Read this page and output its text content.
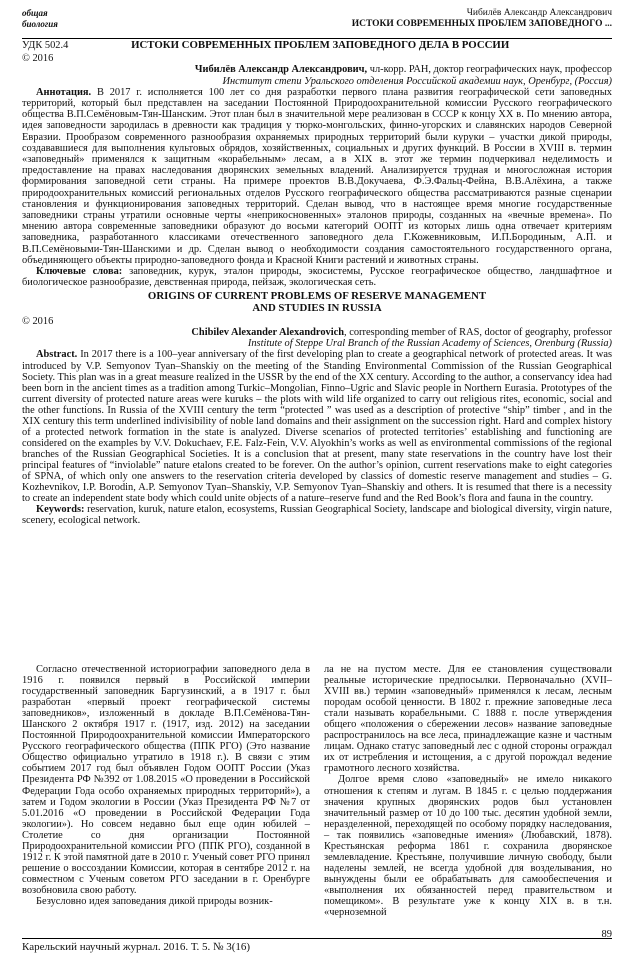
общая
биология
Чибилёв Александр Александрович
ИСТОКИ СОВРЕМЕННЫХ ПРОБЛЕМ ЗАПОВЕДНОГО ...
УДК 502.4	ИСТОКИ СОВРЕМЕННЫХ ПРОБЛЕМ ЗАПОВЕДНОГО ДЕЛА В РОССИИ
© 2016
Чибилёв Александр Александрович, чл-корр. РАН, доктор географических наук, профессор
Институт степи Уральского отделения Российской академии наук, Оренбург, (Россия)

Аннотация. В 2017 г. исполняется 100 лет со дня разработки первого плана развития географической сети заповедных территорий, который был представлен на заседании Постоянной Природоохранительной комиссии Русского географического общества В.П.Семёновым-Тян-Шанским. Этот план был в значительной мере реализован в СССР к концу XX в. По мнению автора, идея заповедности зародилась в древности как традиция у тюрко-монгольских, финно-угорских и славянских народов Северной Евразии. Прообразом современного разнообразия охраняемых природных территорий были куруки – участки дикой природы, создававшиеся для выполнения культовых обрядов, хозяйственных, социальных и других функций. В России в XVIII в. термин «заповедный» применялся к защитным «корабельным» лесам, а в XIX в. этот же термин подчеркивал неделимость и предоставление на правах наследования дворянских земельных владений. Анализируется трудная и многосложная история формирования заповедной сети страны. На примере проектов В.В.Докучаева, Ф.Э.Фальц-Фейна, В.В.Алёхина, а также природоохранительных комиссий региональных отделов Русского географического общества рассматриваются разные сценарии становления и функционирования заповедных территорий. Сделан вывод, что в настоящее время многие государственные заповедники страны утратили основные черты «неприкосновенных» эталонов природы, созданных на «вечные времена». По мнению автора современные заповедники образуют до восьми категорий ООПТ из которых лишь одна отвечает критериям заповедника, разработанного классиками отечественного заповедного дела Г.Кожевниковым, И.П.Бородиным, А.П. и В.П.Семёновыми-Тян-Шанскими и др. Сделан вывод о необходимости создания самостоятельного государственного органа, объединяющего объекты природно-заповедного фонда и Красной Книги растений и животных страны.

Ключевые слова: заповедник, курук, эталон природы, экосистемы, Русское географическое общество, ландшафтное и биологическое разнообразие, девственная природа, пейзаж, экологическая сеть.

ORIGINS OF CURRENT PROBLEMS OF RESERVE MANAGEMENT
AND STUDIES IN RUSSIA
© 2016
Chibilev Alexander Alexandrovich, corresponding member of RAS, doctor of geography, professor
Institute of Steppe Ural Branch of the Russian Academy of Sciences, Orenburg (Russia)

Abstract. In 2017 there is a 100–year anniversary of the first developing plan to create a geographical network of protected areas. It was introduced by V.P. Semyonov Tyan–Shanskiy on the meeting of the Standing Environmental Commission of the Russian Geographical Society. This plan was in a great measure realized in the USSR by the end of the XX century. According to the author, a conservancy idea had been born in the ancient times as a tradition among Turkic–Mongolian, Finno–Ugric and Slavic people in Northern Eurasia. Prototypes of the current diversity of protected nature areas were kuruks – the plots with wild life organized to carry out religious rites, economic, social and the other functions. In Russia of the XVIII century the term “protected ” was used as a description of protective “ship” timber , and in the XIX century this term underlined indivisibility of noble land domains and their assignment on the succession right. Hard and complex history of a protected network formation in the state is analyzed. Diverse scenarios of protected territories’ establishing and functioning are considered on the examples by V.V. Dokuchaev, F.E. Falz-Fein, V.V. Alyokhin’s works as well as environmental commissions of the regional branches of the Russian Geographical Societies. It is a conclusion that at present, many state reservations in the country have lost their principal features of “inviolable” nature etalons created to be forever. On the author’s opinion, current reservations make to eight categories of SPNA, of which only one answers to the reservation criteria developed by classics of domestic reserve management and studies – G. Kozhevnikov, I.P. Borodin, A.P. Semyonov Tyan–Shanskiy, V.P. Semyonov Tyan–Shanskiy and others. It is resumed that there is a necessity to create an independent state body which could unite objects of a nature–reserve fund and the Red Book’s flora and fauna in the country.

Keywords: reservation, kuruk, nature etalon, ecosystems, Russian Geographical Society, landscape and biological diversity, virgin nature, scenery, ecological network.

Согласно отечественной историографии заповедного дела в 1916 г. появился первый в Российской империи государственный заповедник Баргузинский, а в 1917 г. был разработан «первый проект географической системы заповедников», изложенный в докладе В.П.Семёнова-Тян-Шанского 2 октября 1917 г. (1917, изд. 2012) на заседании Постоянной Природоохранительной комиссии Императорского Русского географического общества (ППК РГО) (Это название Общество официально утратило в 1918 г.). В связи с этим событием 2017 год был объявлен Годом ООПТ России (Указ Президента РФ №392 от 1.08.2015 «О проведении в Российской Федерации Года особо охраняемых природных территорий»), а затем и Годом экологии в России (Указ Президента РФ №7 от 5.01.2016 «О проведении в Российской Федерации Года экологии»). Но совсем недавно был еще один юбилей – Столетие со дня организации Постоянной Природоохранительной комиссии РГО (ППК РГО), созданной в 1912 г. К этой памятной дате в 2010 г. Ученый совет РГО принял решение о воссоздании Комиссии, которая в сентябре 2012 г. на совместном с Ученым советом РГО заседании в г. Оренбурге возобновила свою работу.

Безусловно идея заповедания дикой природы возник-

ла не на пустом месте. Для ее становления существовали реальные исторические предпосылки. Первоначально (XVII–XVIII вв.) термин «заповедный» применялся к лесам, лесным породам особой ценности. В 1802 г. прежние заповедные леса стали называть корабельными. С 1888 г. после утверждения общего «положения о сбережении лесов» название заповедные распространилось на все леса, принадлежащие казне и частным лицам. Однако статус заповедный лес с одной стороны ограждал их от истребления и истощения, а с другой порождал ведение грамотного лесного хозяйства.

Долгое время слово «заповедный» не имело никакого отношения к степям и лугам. В 1845 г. с целью поддержания значения крупных дворянских родов был установлен значительный размер от 10 до 100 тыс. десятин удобной земли, неразделенной, переходящей по особому порядку наследования, – так появились «заповедные имения» (Любавский, 1878). Крестьянская реформа 1861 г. сохранила дворянское землевладение. Крестьяне, получившие личную свободу, были наделены землей, не всегда удобной для возделывания, но вынуждены были ее обрабатывать для самообеспечения и «выполнения их обязанностей перед правительством и помещиком». В результате уже к концу XIX в. в т.н. «черноземной

89
Карельский научный журнал. 2016. Т. 5. № 3(16)
